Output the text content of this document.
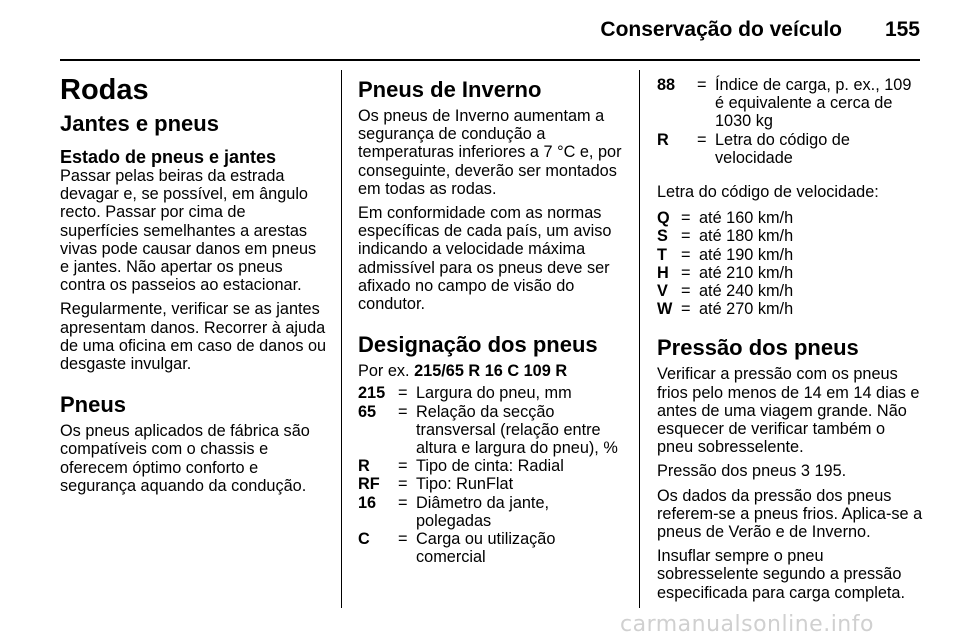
Conservação do veículo 155
Rodas
Jantes e pneus
Estado de pneus e jantes

Passar pelas beiras da estrada devagar e, se possível, em ângulo recto. Passar por cima de superfícies semelhantes a arestas vivas pode causar danos em pneus e jantes. Não apertar os pneus contra os passeios ao estacionar.

Regularmente, verificar se as jantes apresentam danos. Recorrer à ajuda de uma oficina em caso de danos ou desgaste invulgar.

Pneus

Os pneus aplicados de fábrica são compatíveis com o chassis e oferecem óptimo conforto e segurança aquando da condução.

Pneus de Inverno

Os pneus de Inverno aumentam a segurança de condução a temperaturas inferiores a 7 °C e, por conseguinte, deverão ser montados em todas as rodas.

Em conformidade com as normas específicas de cada país, um aviso indicando a velocidade máxima admissível para os pneus deve ser afixado no campo de visão do condutor.

Designação dos pneus

Por ex. 215/65 R 16 C 109 R

215 = Largura do pneu, mm
65	= Relação da secção transversal (relação entre altura e largura do pneu), %
R	= Tipo de cinta: Radial
RF	= Tipo: RunFlat
16	= Diâmetro da jante, polegadas
C	= Carga ou utilização comercial
88	= Índice de carga, p. ex., 109 é equivalente a cerca de 1030 kg
R	= Letra do código de velocidade

Letra do código de velocidade:

Q = até 160 km/h
S = até 180 km/h
T = até 190 km/h
H = até 210 km/h
V = até 240 km/h
W = até 270 km/h
Pressão dos pneus

Verificar a pressão com os pneus frios pelo menos de 14 em 14 dias e antes de uma viagem grande. Não esquecer de verificar também o pneu sobresselente.

Pressão dos pneus 3 195.

Os dados da pressão dos pneus referem-se a pneus frios. Aplica-se a pneus de Verão e de Inverno.

Insuflar sempre o pneu sobresselente segundo a pressão especificada para carga completa.

carmanualsonline.info
